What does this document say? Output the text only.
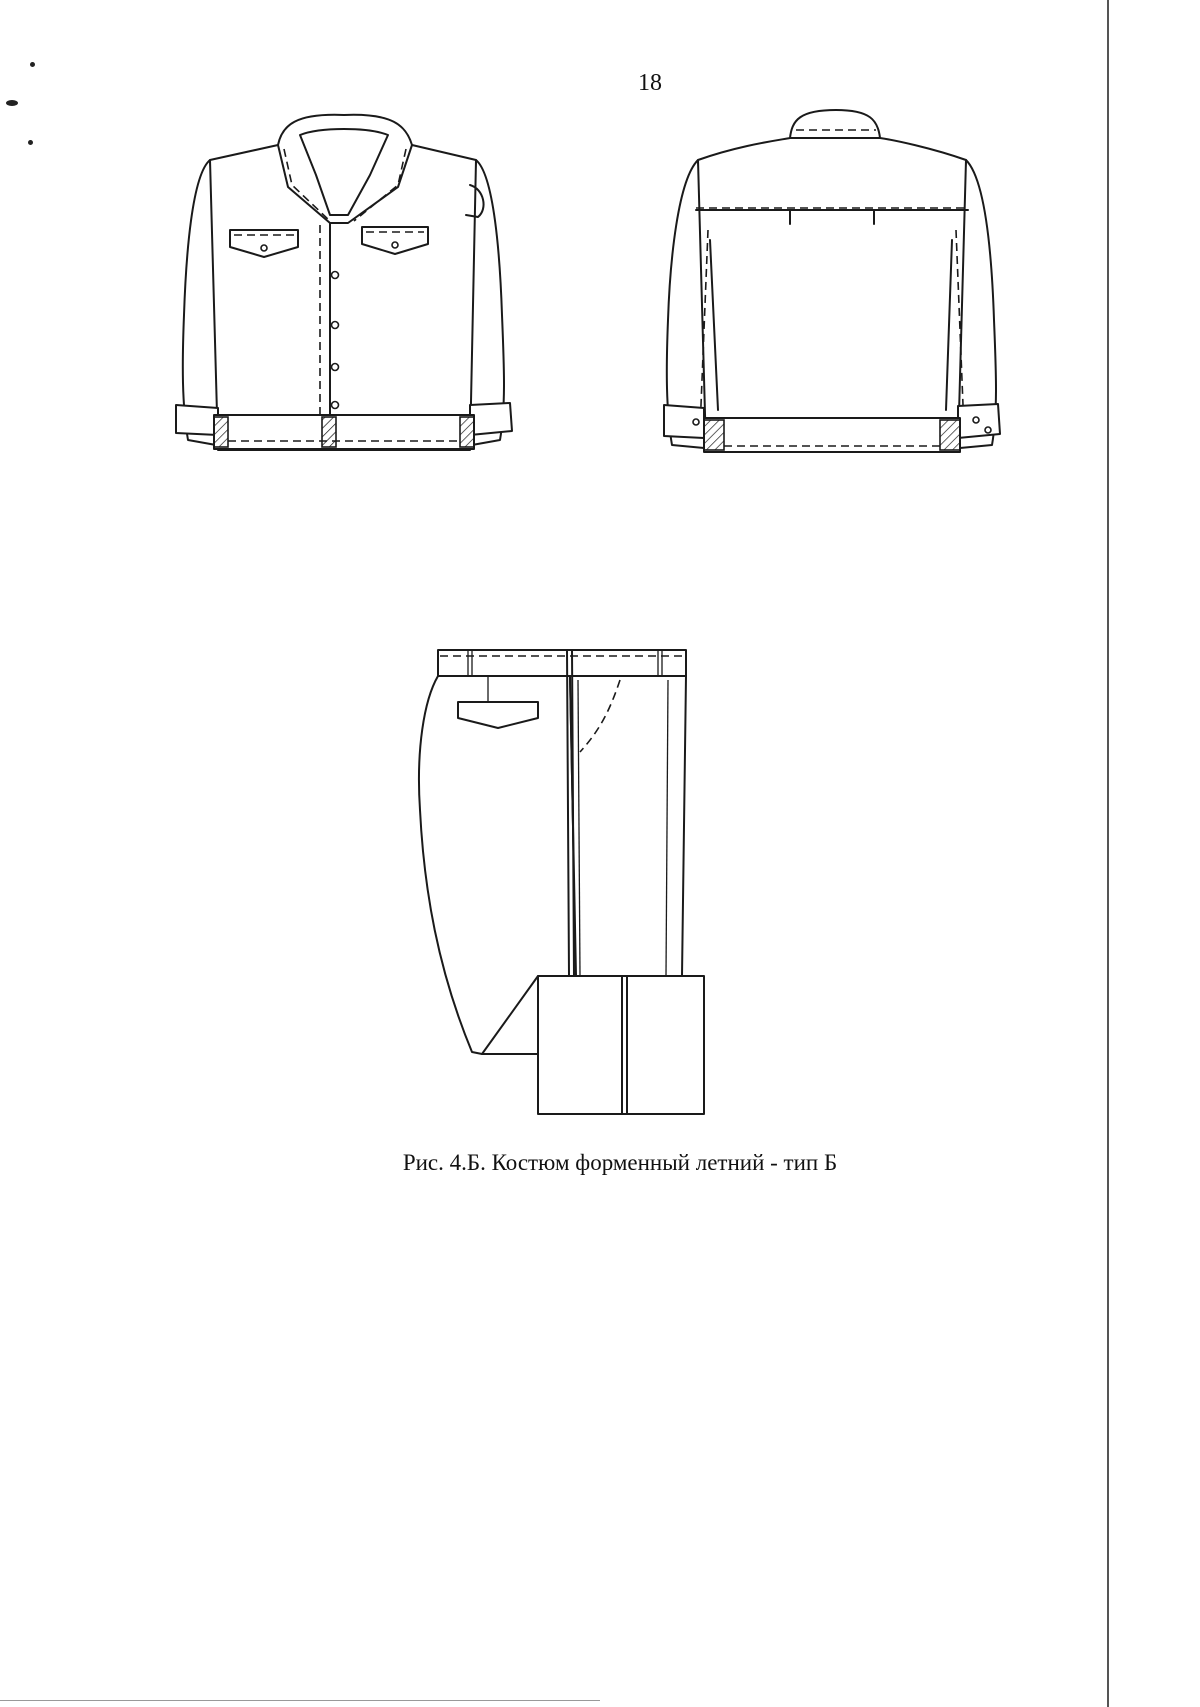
18
Рис. 4.Б. Костюм форменный летний - тип Б
